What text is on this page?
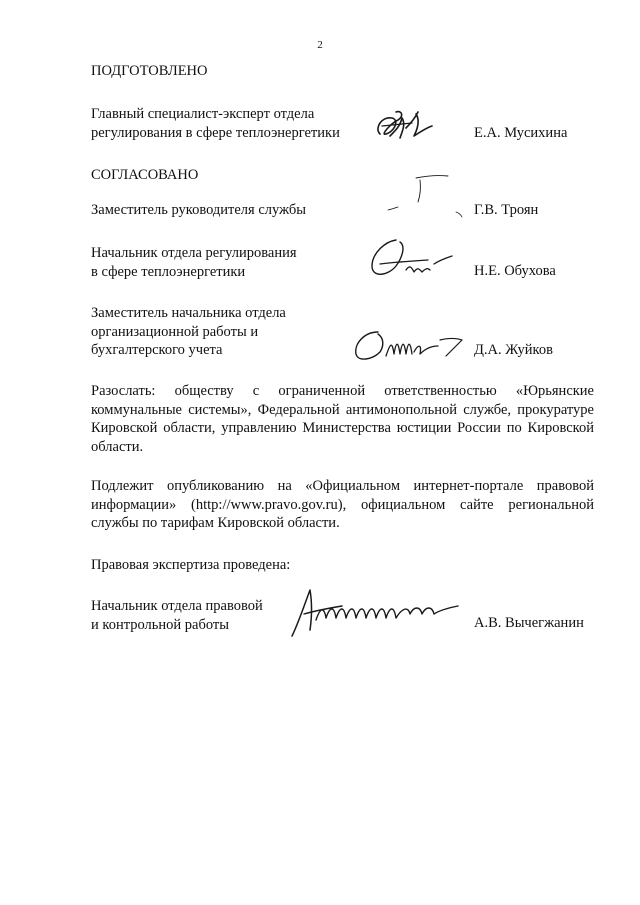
2
ПОДГОТОВЛЕНО
Главный специалист-эксперт отдела
регулирования в сфере теплоэнергетики	Е.А. Мусихина
СОГЛАСОВАНО
Заместитель руководителя службы	Г.В. Троян
Начальник отдела регулирования
в сфере теплоэнергетики	Н.Е. Обухова
Заместитель начальника отдела
организационной работы и
бухгалтерского учета	Д.А. Жуйков
Разослать: обществу с ограниченной ответственностью «Юрьянские коммунальные системы», Федеральной антимонопольной службе, прокуратуре Кировской области, управлению Министерства юстиции России по Кировской области.
Подлежит опубликованию на «Официальном интернет-портале правовой информации» (http://www.pravo.gov.ru), официальном сайте региональной службы по тарифам Кировской области.
Правовая экспертиза проведена:
Начальник отдела правовой
и контрольной работы	А.В. Вычегжанин
